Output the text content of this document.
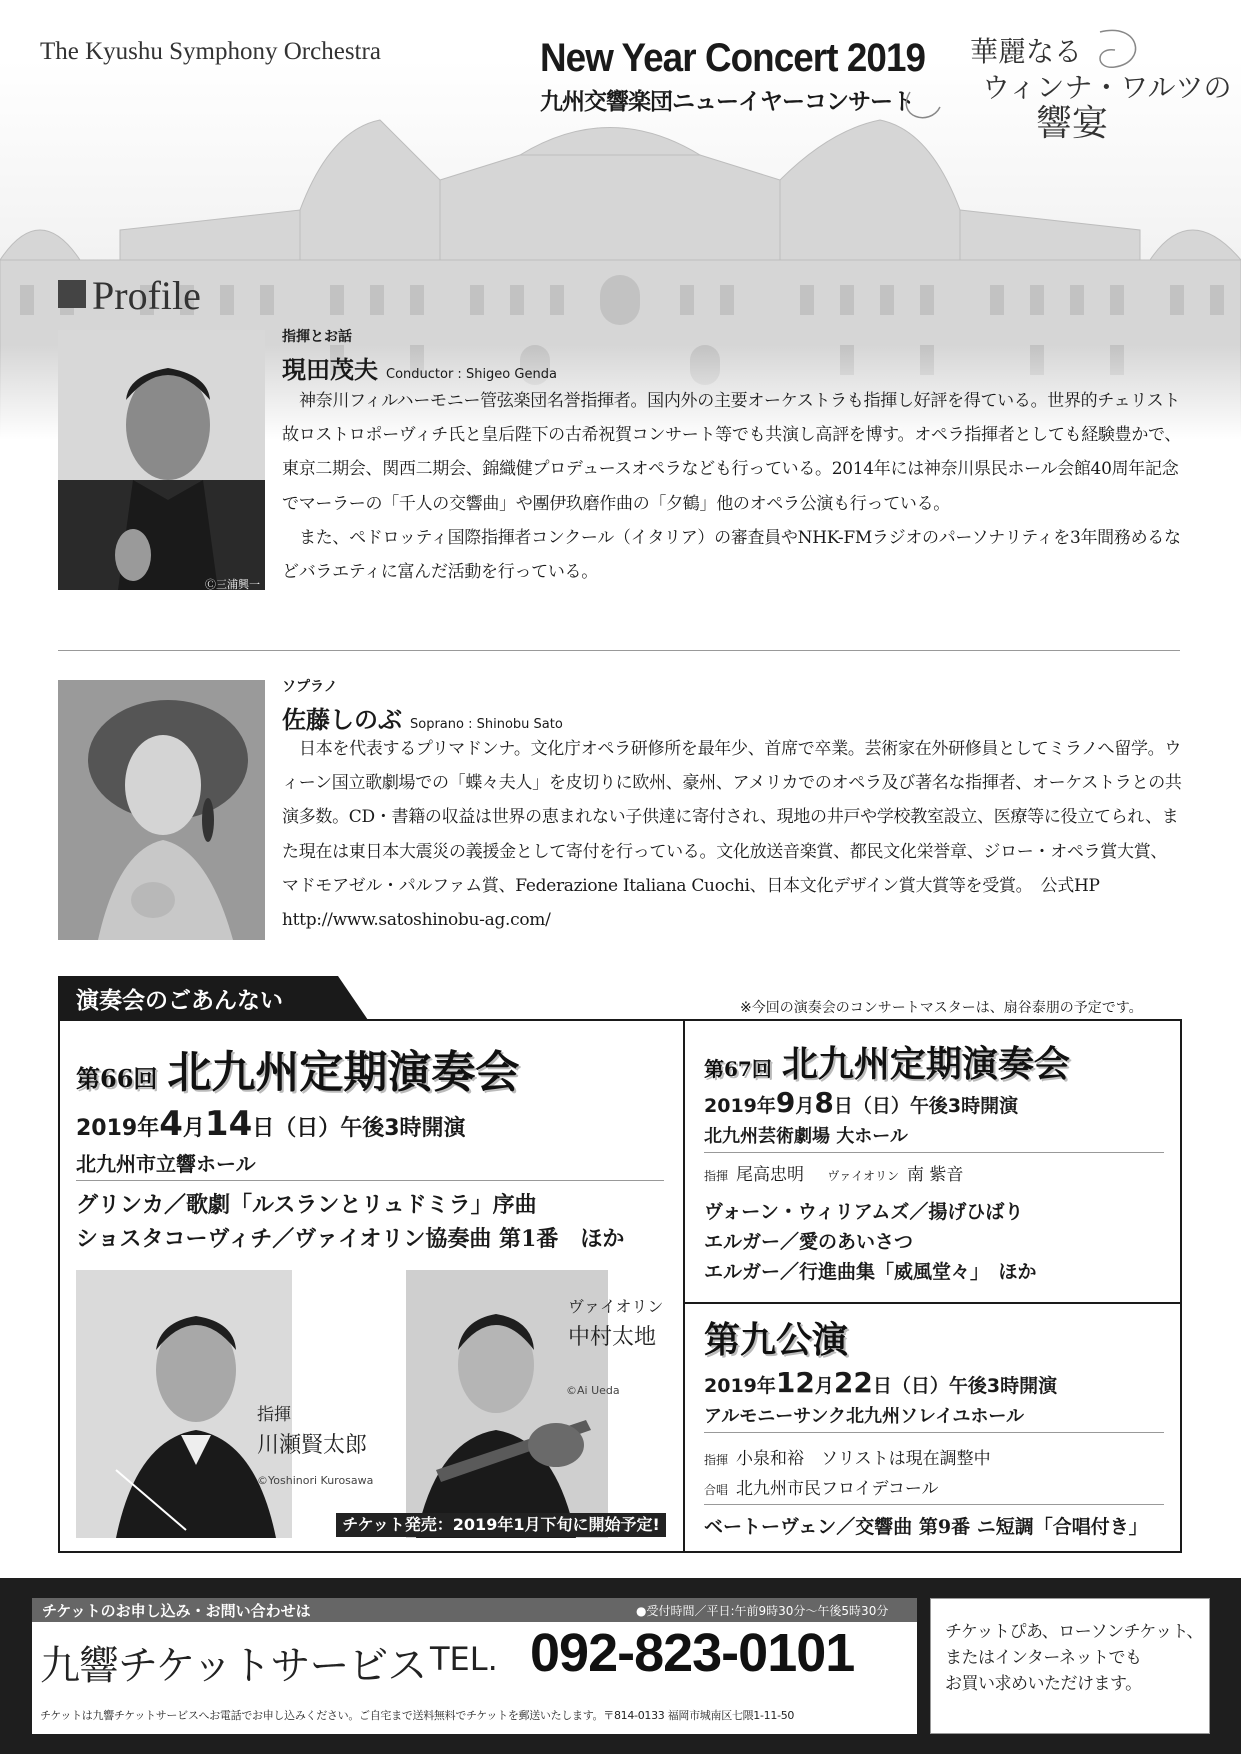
The Kyushu Symphony Orchestra	New Year Concert 2019
九州交響楽団ニューイヤーコンサート
華麗なる
ウィンナ・ワルツの
響宴
Profile
Ⓒ三浦興一
指揮とお話
現田茂夫 Conductor : Shigeo Genda

神奈川フィルハーモニー管弦楽団名誉指揮者。国内外の主要オーケストラも指揮し好評を得ている。世界的チェリスト故ロストロポーヴィチ氏と皇后陛下の古希祝賀コンサート等でも共演し高評を博す。オペラ指揮者としても経験豊かで、東京二期会、関西二期会、錦織健プロデュースオペラなども行っている。2014年には神奈川県民ホール会館40周年記念でマーラーの「千人の交響曲」や團伊玖磨作曲の「夕鶴」他のオペラ公演も行っている。

また、ペドロッティ国際指揮者コンクール（イタリア）の審査員やNHK-FMラジオのパーソナリティを3年間務めるなどバラエティに富んだ活動を行っている。

ソプラノ
佐藤しのぶ Soprano : Shinobu Sato

日本を代表するプリマドンナ。文化庁オペラ研修所を最年少、首席で卒業。芸術家在外研修員としてミラノへ留学。ウィーン国立歌劇場での「蝶々夫人」を皮切りに欧州、豪州、アメリカでのオペラ及び著名な指揮者、オーケストラとの共演多数。CD・書籍の収益は世界の恵まれない子供達に寄付され、現地の井戸や学校教室設立、医療等に役立てられ、また現在は東日本大震災の義援金として寄付を行っている。文化放送音楽賞、都民文化栄誉章、ジロー・オペラ賞大賞、マドモアゼル・パルファム賞、Federazione Italiana Cuochi、日本文化デザイン賞大賞等を受賞。　公式HP　http://www.satoshinobu-ag.com/

演奏会のごあんない	※今回の演奏会のコンサートマスターは、扇谷泰朋の予定です。
第66回 北九州定期演奏会
2019年4月14日（日）午後3時開演
北九州市立響ホール
グリンカ／歌劇「ルスランとリュドミラ」序曲
ショスタコーヴィチ／ヴァイオリン協奏曲 第1番　ほか
指揮
川瀬賢太郎
©Yoshinori Kurosawa
ヴァイオリン
中村太地
©Ai Ueda
チケット発売：2019年1月下旬に開始予定!
第67回 北九州定期演奏会
2019年9月8日（日）午後3時開演
北九州芸術劇場 大ホール
指揮 尾高忠明 ヴァイオリン 南 紫音
ヴォーン・ウィリアムズ／揚げひばり
エルガー／愛のあいさつ
エルガー／行進曲集「威風堂々」　ほか
第九公演
2019年12月22日（日）午後3時開演
アルモニーサンク北九州ソレイユホール
指揮 小泉和裕　ソリストは現在調整中
合唱 北九州市民フロイデコール
ベートーヴェン／交響曲 第9番 ニ短調「合唱付き」
チケットのお申し込み・お問い合わせは	●受付時間／平日:午前9時30分〜午後5時30分
九響チケットサービス TEL. 092-823-0101
チケットは九響チケットサービスへお電話でお申し込みください。ご自宅まで送料無料でチケットを郵送いたします。〒814-0133 福岡市城南区七隈1-11-50

チケットぴあ、ローソンチケット、

またはインターネットでも

お買い求めいただけます。
